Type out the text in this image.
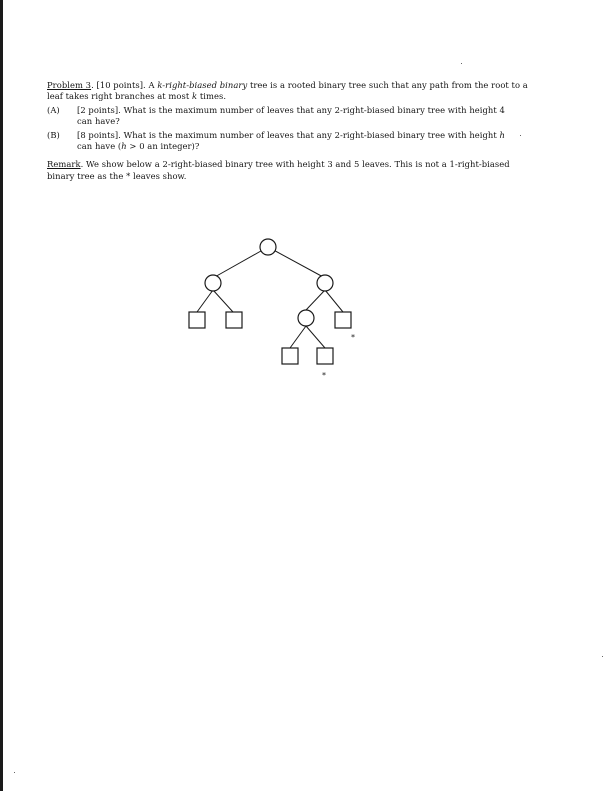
Problem 3. [10 points]. A k-right-biased binary tree is a rooted binary tree such that any path from the root to a leaf takes right branches at most k times.

(A)	[2 points]. What is the maximum number of leaves that any 2-right-biased binary tree with height 4
can have?
(B)	[8 points]. What is the maximum number of leaves that any 2-right-biased binary tree with height h
can have (h > 0 an integer)?

Remark. We show below a 2-right-biased binary tree with height 3 and 5 leaves. This is not a 1-right-biased
binary tree as the * leaves show.

*
*
